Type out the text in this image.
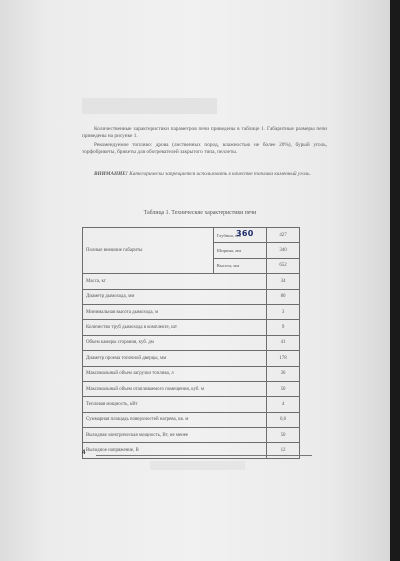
Количественные характеристики параметров печи приведены в таблице 1. Габаритные размеры печи приведены на рисунке 1.
Рекомендуемое топливо: дрова (лиственных пород, влажностью не более 20%), бурый уголь, торфобрикеты, брикеты для обогревателей закрытого типа, пеллеты.
ВНИМАНИЕ! Категорически запрещается использовать в качестве топлива каменный уголь.
Таблица 1. Технические характеристики печи
Полные внешние габариты	Глубина, мм	427
	Ширина, мм	340
	Высота, мм	652
Масса, кг		34
Диаметр дымохода, мм		80
Минимальная высота дымохода, м		3
Количество труб дымохода в комплекте, шт		9
Объем камеры сгорания, куб. дм		41
Диаметр проема топочной дверцы, мм		178
Максимальный объем загрузки топлива, л		30
Максимальный объем отапливаемого помещения, куб. м		50
Тепловая мощность, кВт		4
Суммарная площадь поверхностей нагрева, кв. м		0,6
Выходная электрическая мощность, Вт, не менее		50
Выходное напряжение, В		12
360
4
